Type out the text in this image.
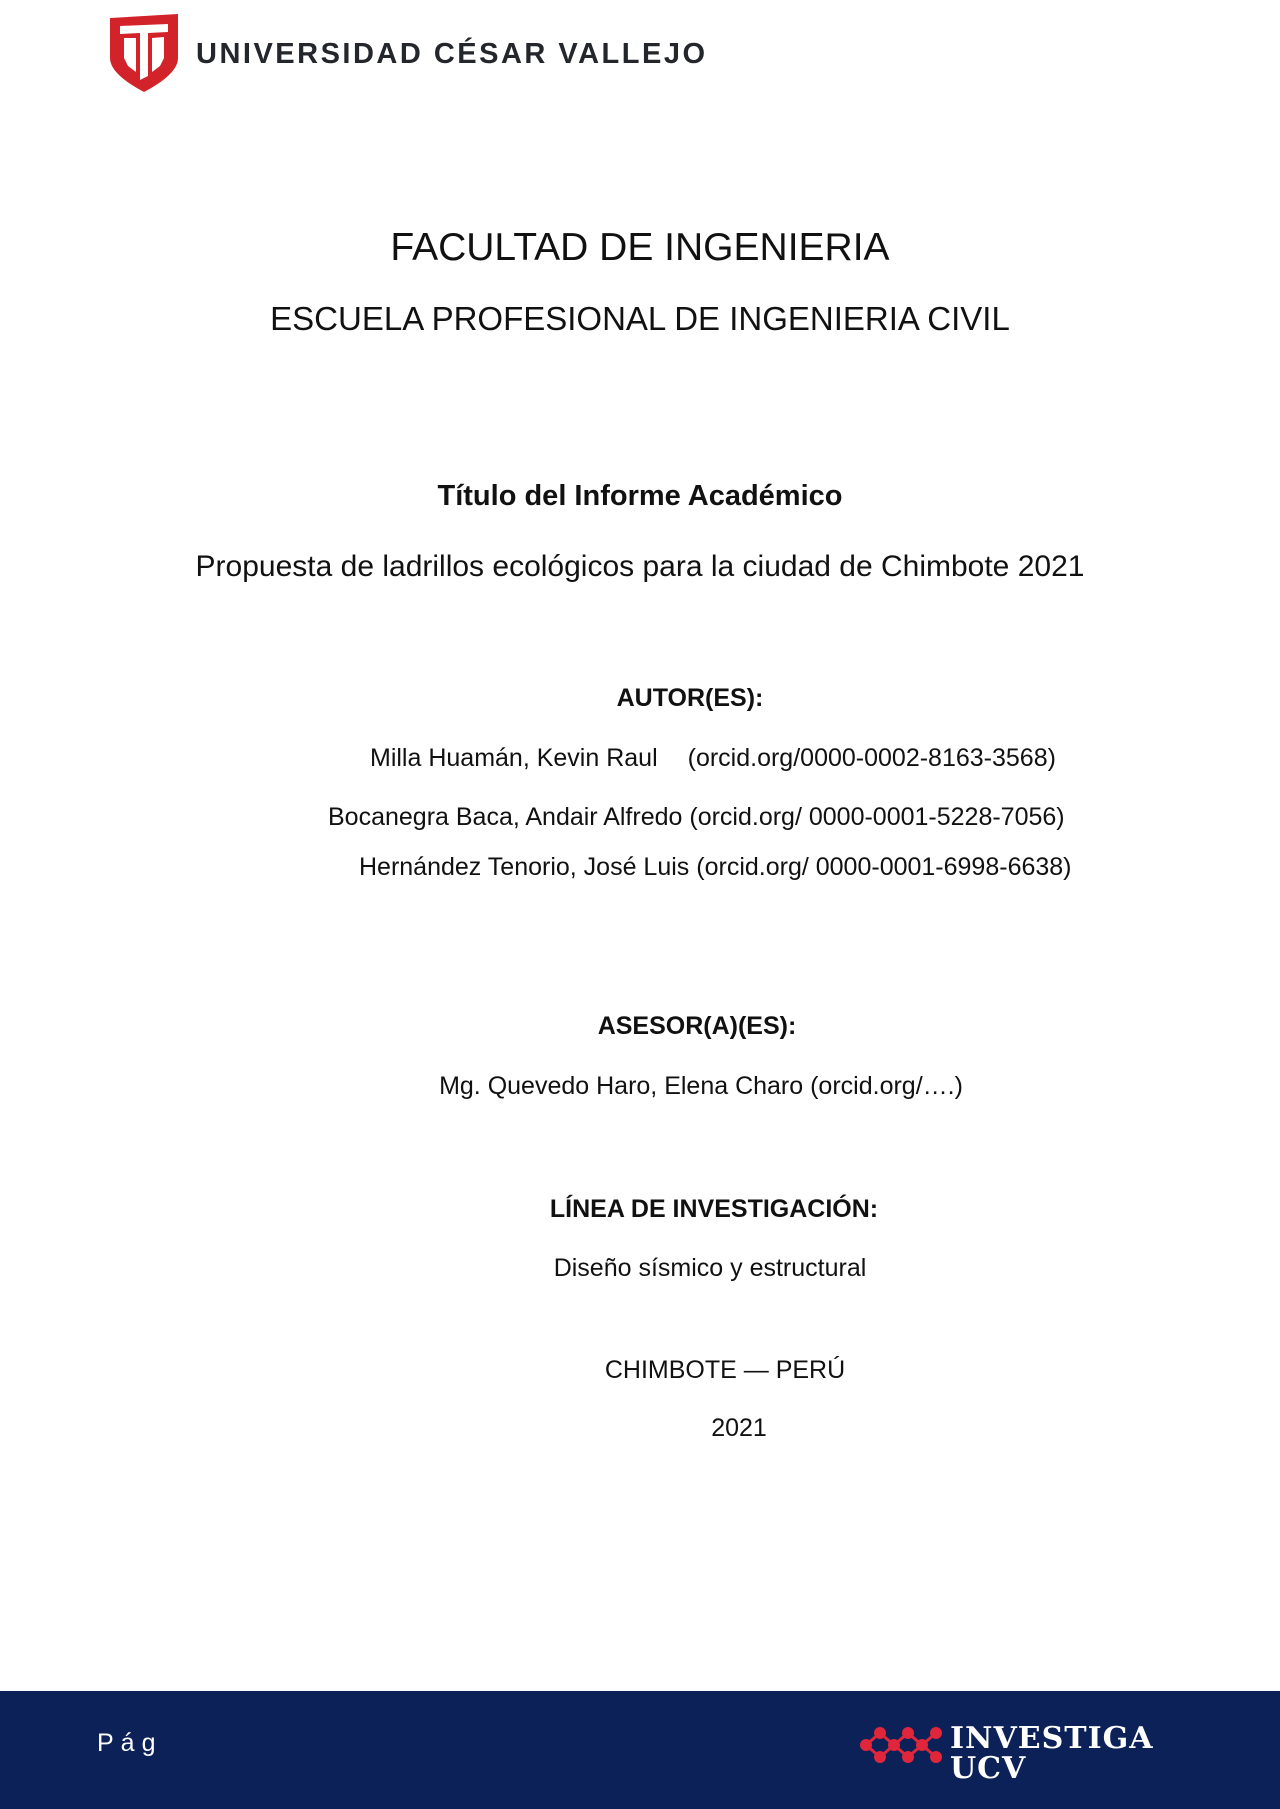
UNIVERSIDAD CÉSAR VALLEJO
FACULTAD DE INGENIERIA
ESCUELA PROFESIONAL DE INGENIERIA CIVIL
Título del Informe Académico
Propuesta de ladrillos ecológicos para la ciudad de Chimbote 2021
AUTOR(ES):
Milla Huamán, Kevin Raul (orcid.org/0000-0002-8163-3568)
Bocanegra Baca, Andair Alfredo (orcid.org/ 0000-0001-5228-7056)
Hernández Tenorio, José Luis (orcid.org/ 0000-0001-6998-6638)
ASESOR(A)(ES):
Mg. Quevedo Haro, Elena Charo (orcid.org/….)
LÍNEA DE INVESTIGACIÓN:
Diseño sísmico y estructural
CHIMBOTE — PERÚ
2021
Pág	INVESTIGA
UCV
